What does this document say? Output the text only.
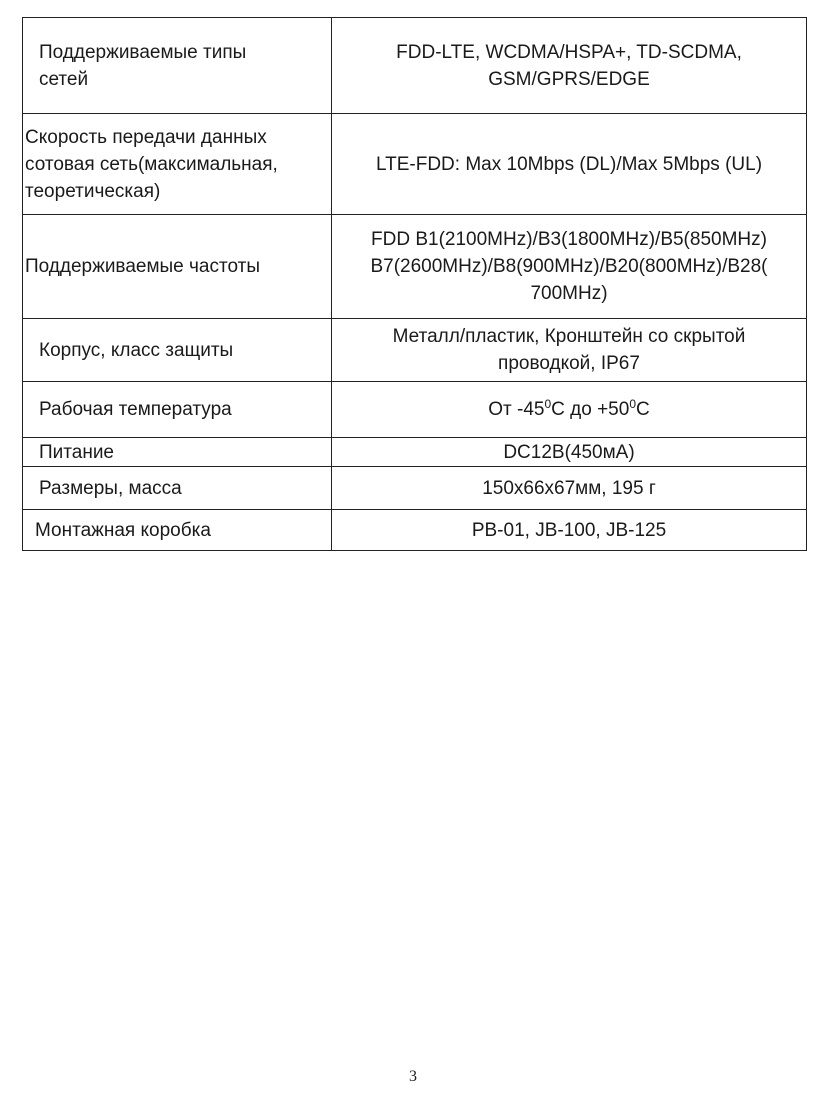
Поддерживаемые типы
сетей	FDD-LTE, WCDMA/HSPA+, TD-SCDMA,
GSM/GPRS/EDGE

Скорость передачи данных
сотовая сеть(максимальная,
теоретическая)	LTE-FDD: Max 10Mbps (DL)/Max 5Mbps (UL)

Поддерживаемые частоты	FDD B1(2100MHz)/B3(1800MHz)/B5(850MHz)
B7(2600MHz)/B8(900MHz)/B20(800MHz)/B28(
700MHz)

Корпус, класс защиты	Металл/пластик, Кронштейн со скрытой
проводкой, IP67

Рабочая температура	От $-45^0С$ до $+50^0С$

Питание	DC12В(450мА)

Размеры, масса	150x66x67мм, 195 г

Монтажная коробка	PB-01, JB-100, JB-125
3
